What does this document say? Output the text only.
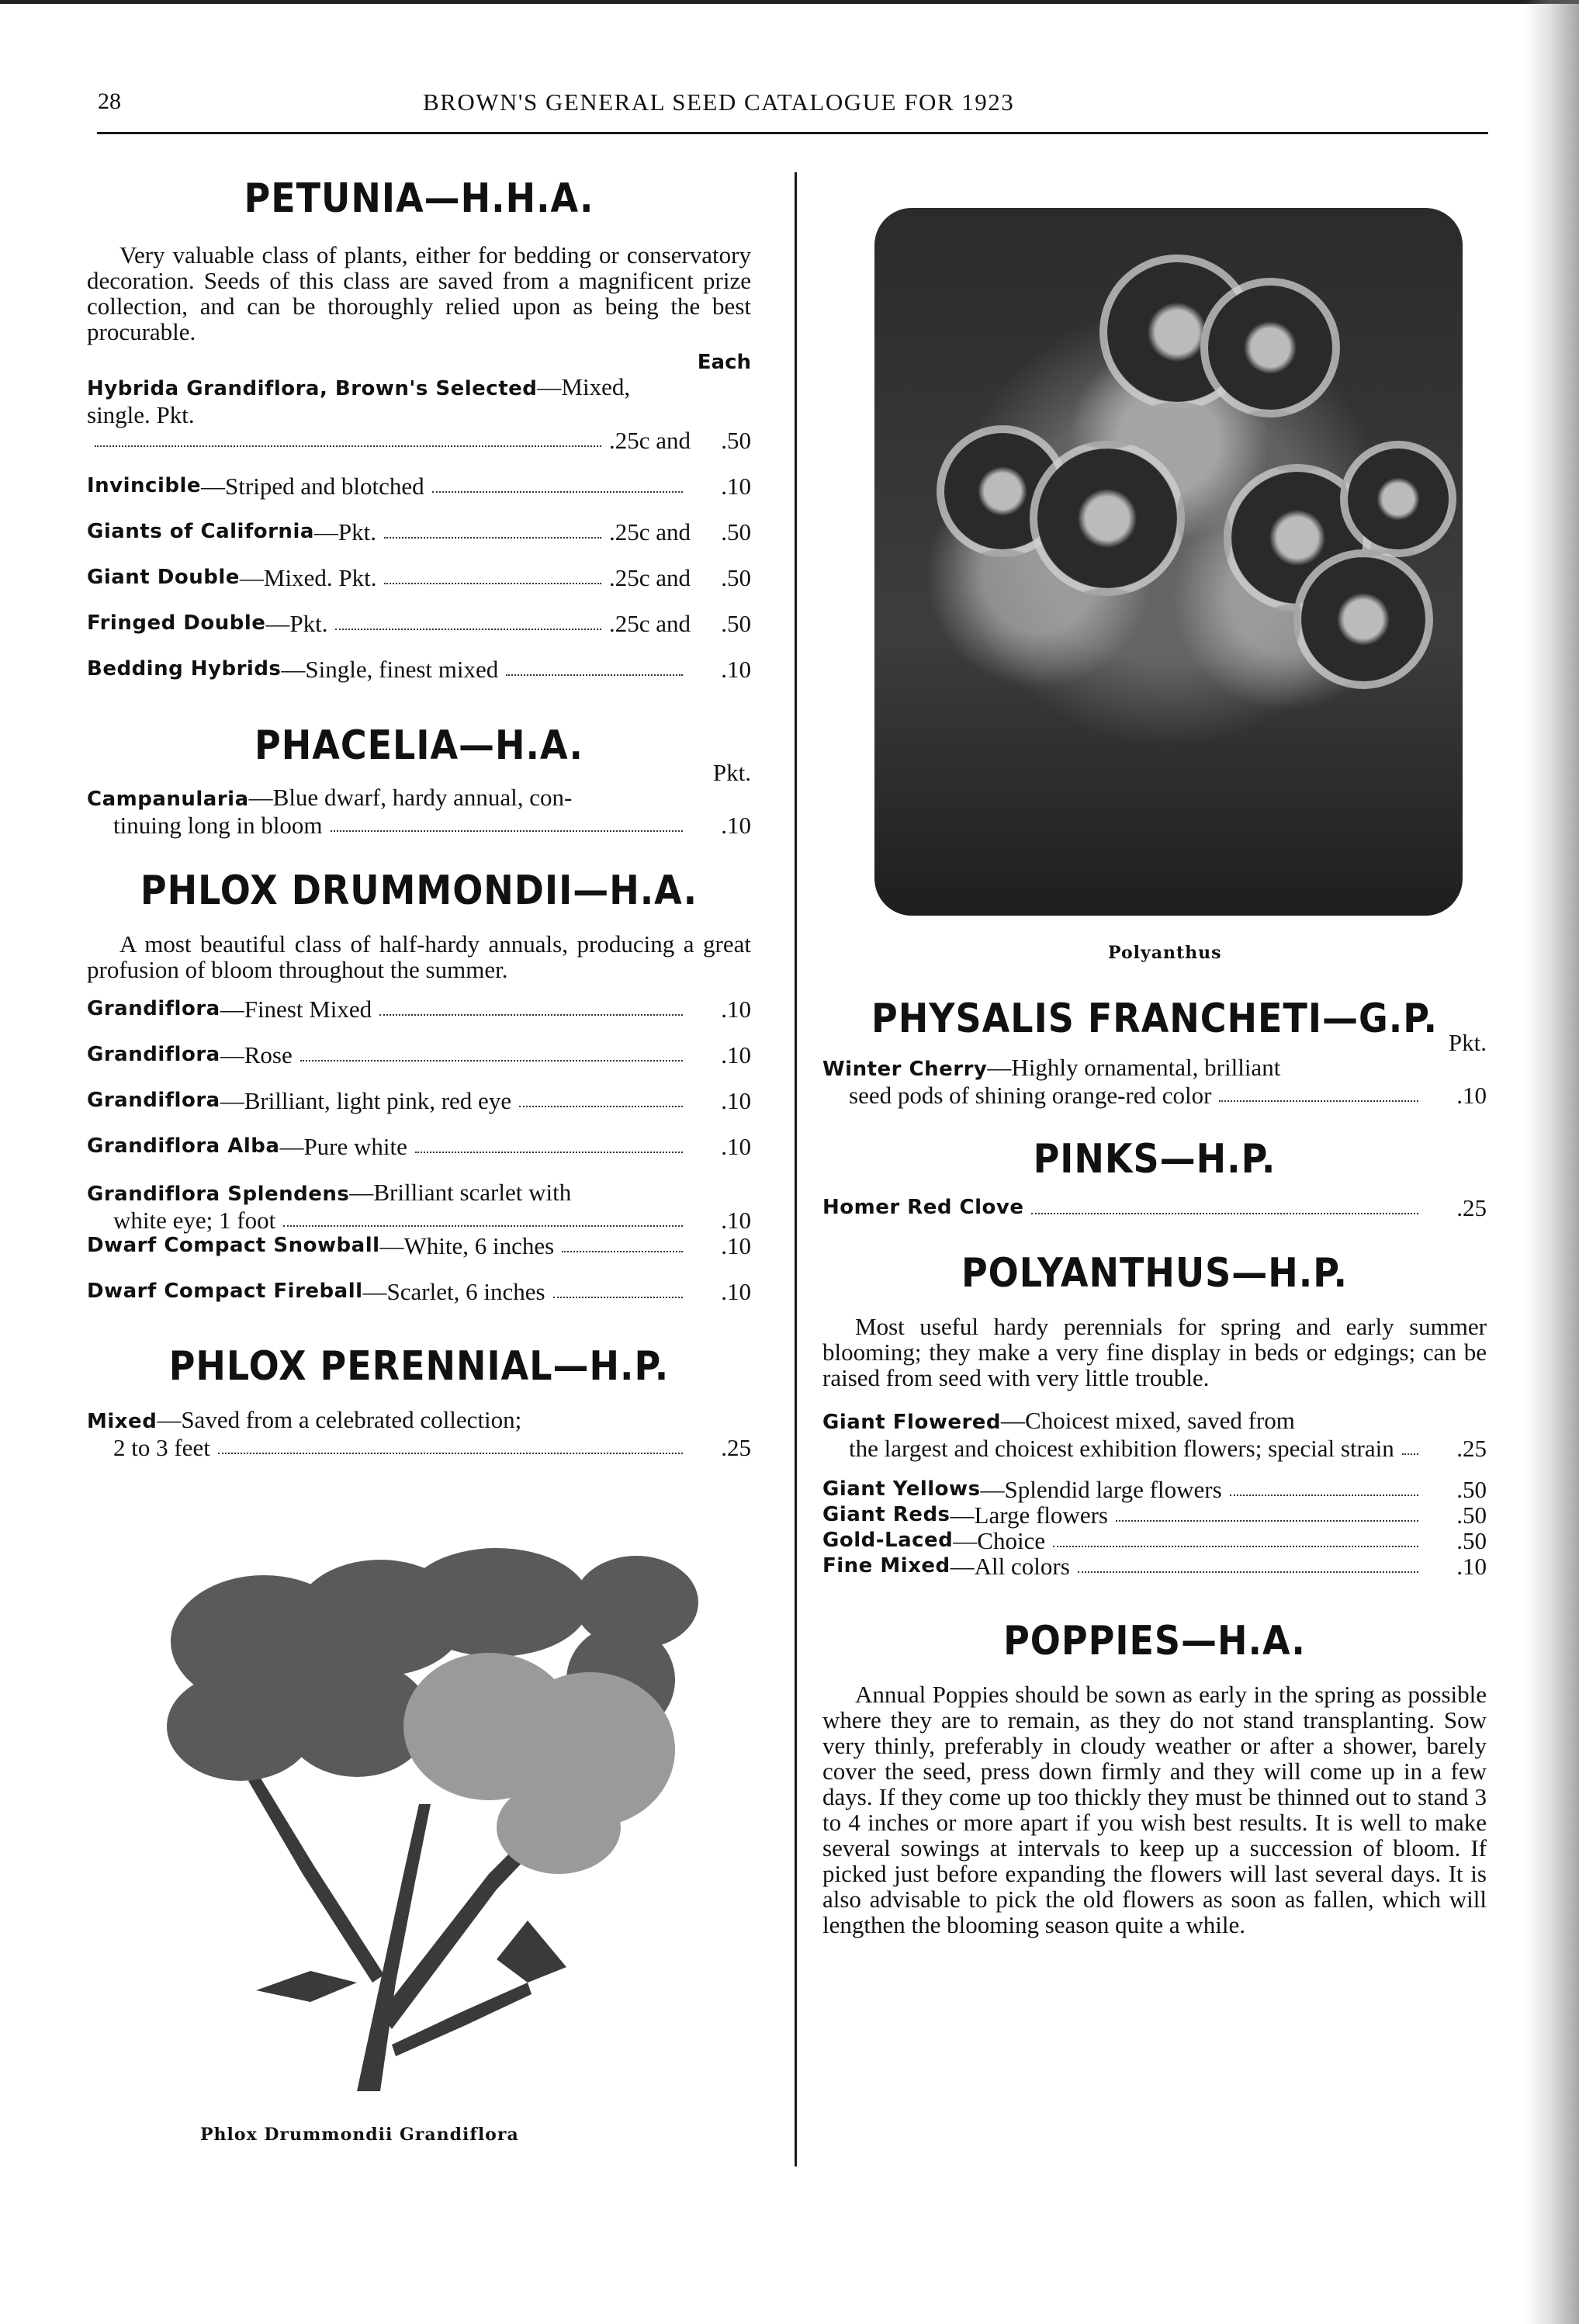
28	BROWN'S GENERAL SEED CATALOGUE FOR 1923
PETUNIA—H.H.A.

Very valuable class of plants, either for bedding or conservatory decoration. Seeds of this class are saved from a magnificent prize collection, and can be thoroughly relied upon as being the best procurable.

Each

Hybrida Grandiflora, Brown's Selected—Mixed, single. Pkt.
.25c and	.50
Invincible —Striped and blotched	.10
Giants of California —Pkt.	.25c and	.50
Giant Double —Mixed. Pkt.	.25c and	.50
Fringed Double —Pkt.	.25c and	.50
Bedding Hybrids —Single, finest mixed	.10
PHACELIA—H.A.

Pkt.

Campanularia—Blue dwarf, hardy annual, con-
tinuing long in bloom	.10
PHLOX DRUMMONDII—H.A.

A most beautiful class of half-hardy annuals, producing a great profusion of bloom throughout the summer.

Grandiflora —Finest Mixed	.10
Grandiflora —Rose	.10
Grandiflora —Brilliant, light pink, red eye	.10
Grandiflora Alba —Pure white	.10
Grandiflora Splendens—Brilliant scarlet with
white eye; 1 foot	.10
Dwarf Compact Snowball —White, 6 inches	.10
Dwarf Compact Fireball —Scarlet, 6 inches	.10
PHLOX PERENNIAL—H.P.
Mixed—Saved from a celebrated collection;
2 to 3 feet	.25
Phlox Drummondii Grandiflora
Polyanthus
PHYSALIS FRANCHETI—G.P.

Pkt.

Winter Cherry—Highly ornamental, brilliant
seed pods of shining orange-red color	.10
PINKS—H.P.
Homer Red Clove	.25
POLYANTHUS—H.P.

Most useful hardy perennials for spring and early summer blooming; they make a very fine display in beds or edgings; can be raised from seed with very little trouble.

Giant Flowered—Choicest mixed, saved from
the largest and choicest exhibition flowers; special strain	.25
Giant Yellows —Splendid large flowers	.50
Giant Reds —Large flowers	.50
Gold-Laced —Choice	.50
Fine Mixed —All colors	.10
POPPIES—H.A.

Annual Poppies should be sown as early in the spring as possible where they are to remain, as they do not stand transplanting. Sow very thinly, preferably in cloudy weather or after a shower, barely cover the seed, press down firmly and they will come up in a few days. If they come up too thickly they must be thinned out to stand 3 to 4 inches or more apart if you wish best results. It is well to make several sowings at intervals to keep up a succession of bloom. If picked just before expanding the flowers will last several days. It is also advisable to pick the old flowers as soon as fallen, which will lengthen the blooming season quite a while.
